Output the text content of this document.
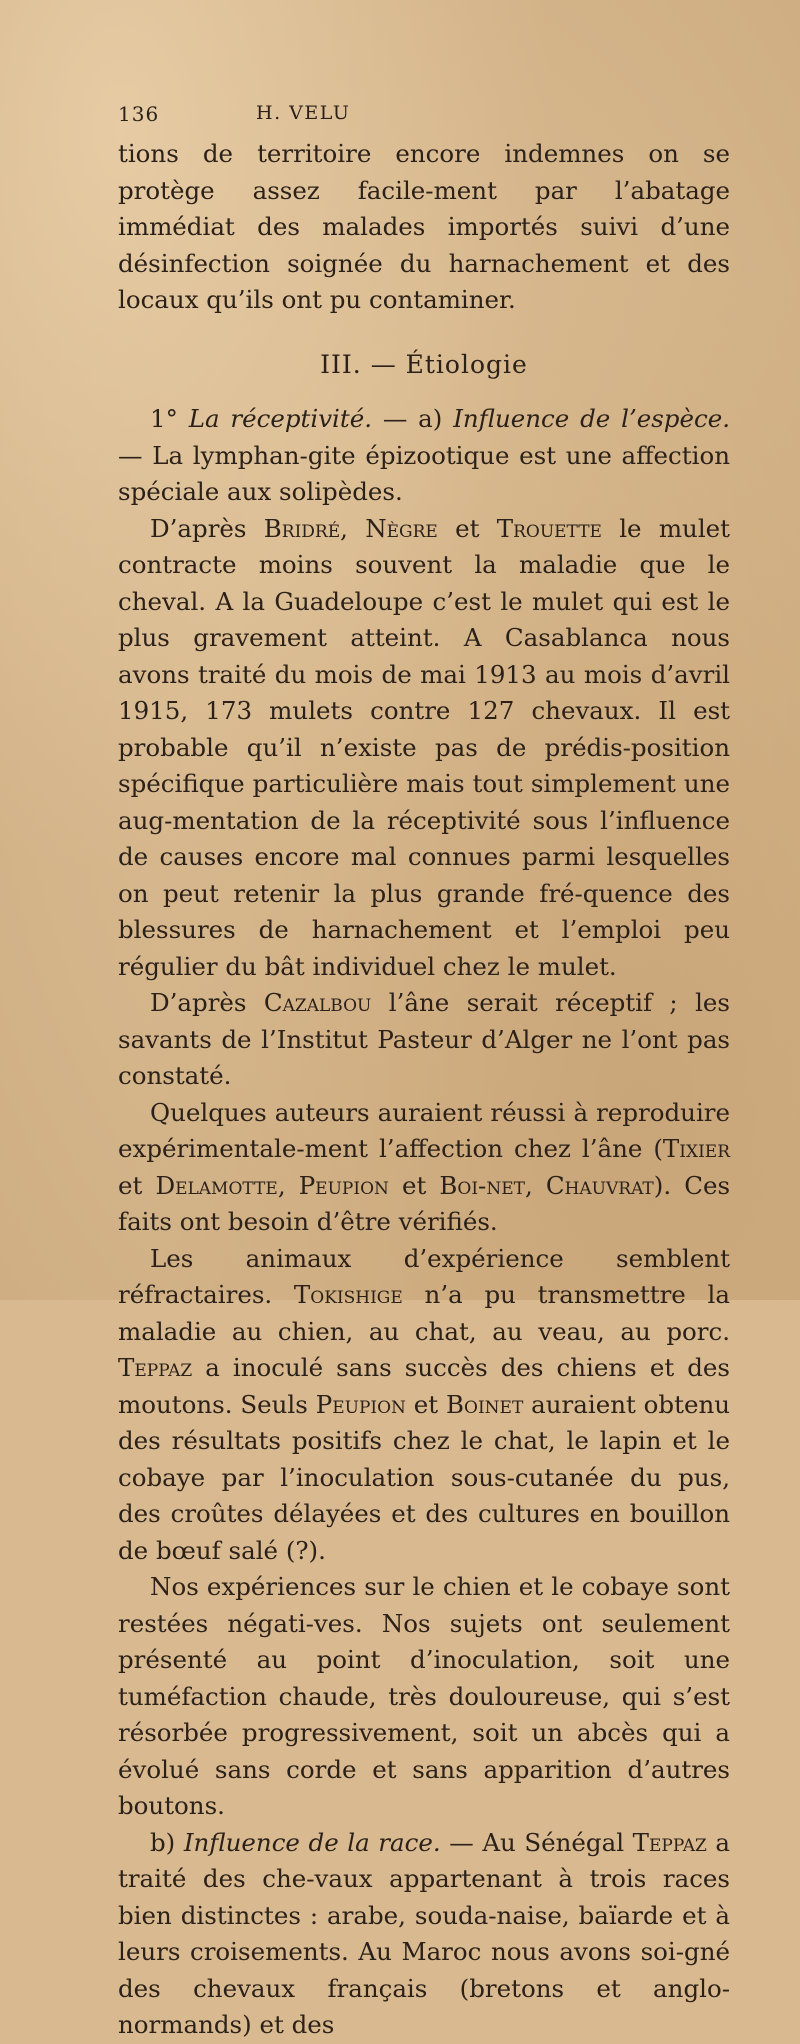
136	H. VELU

tions de territoire encore indemnes on se protège assez facile-ment par l’abatage immédiat des malades importés suivi d’une désinfection soignée du harnachement et des locaux qu’ils ont pu contaminer.

III. — Étiologie

1° La réceptivité. — a) Influence de l’espèce. — La lymphan-gite épizootique est une affection spéciale aux solipèdes.

D’après Bridré, Nègre et Trouette le mulet contracte moins souvent la maladie que le cheval. A la Guadeloupe c’est le mulet qui est le plus gravement atteint. A Casablanca nous avons traité du mois de mai 1913 au mois d’avril 1915, 173 mulets contre 127 chevaux. Il est probable qu’il n’existe pas de prédis-position spécifique particulière mais tout simplement une aug-mentation de la réceptivité sous l’influence de causes encore mal connues parmi lesquelles on peut retenir la plus grande fré-quence des blessures de harnachement et l’emploi peu régulier du bât individuel chez le mulet.

D’après Cazalbou l’âne serait réceptif ; les savants de l’Institut Pasteur d’Alger ne l’ont pas constaté.

Quelques auteurs auraient réussi à reproduire expérimentale-ment l’affection chez l’âne (Tixier et Delamotte, Peupion et Boi-net, Chauvrat). Ces faits ont besoin d’être vérifiés.

Les animaux d’expérience semblent réfractaires. Tokishige n’a pu transmettre la maladie au chien, au chat, au veau, au porc. Teppaz a inoculé sans succès des chiens et des moutons. Seuls Peupion et Boinet auraient obtenu des résultats positifs chez le chat, le lapin et le cobaye par l’inoculation sous-cutanée du pus, des croûtes délayées et des cultures en bouillon de bœuf salé (?).

Nos expériences sur le chien et le cobaye sont restées négati-ves. Nos sujets ont seulement présenté au point d’inoculation, soit une tuméfaction chaude, très douloureuse, qui s’est résorbée progressivement, soit un abcès qui a évolué sans corde et sans apparition d’autres boutons.

b) Influence de la race. — Au Sénégal Teppaz a traité des che-vaux appartenant à trois races bien distinctes : arabe, souda-naise, baïarde et à leurs croisements. Au Maroc nous avons soi-gné des chevaux français (bretons et anglo-normands) et des
